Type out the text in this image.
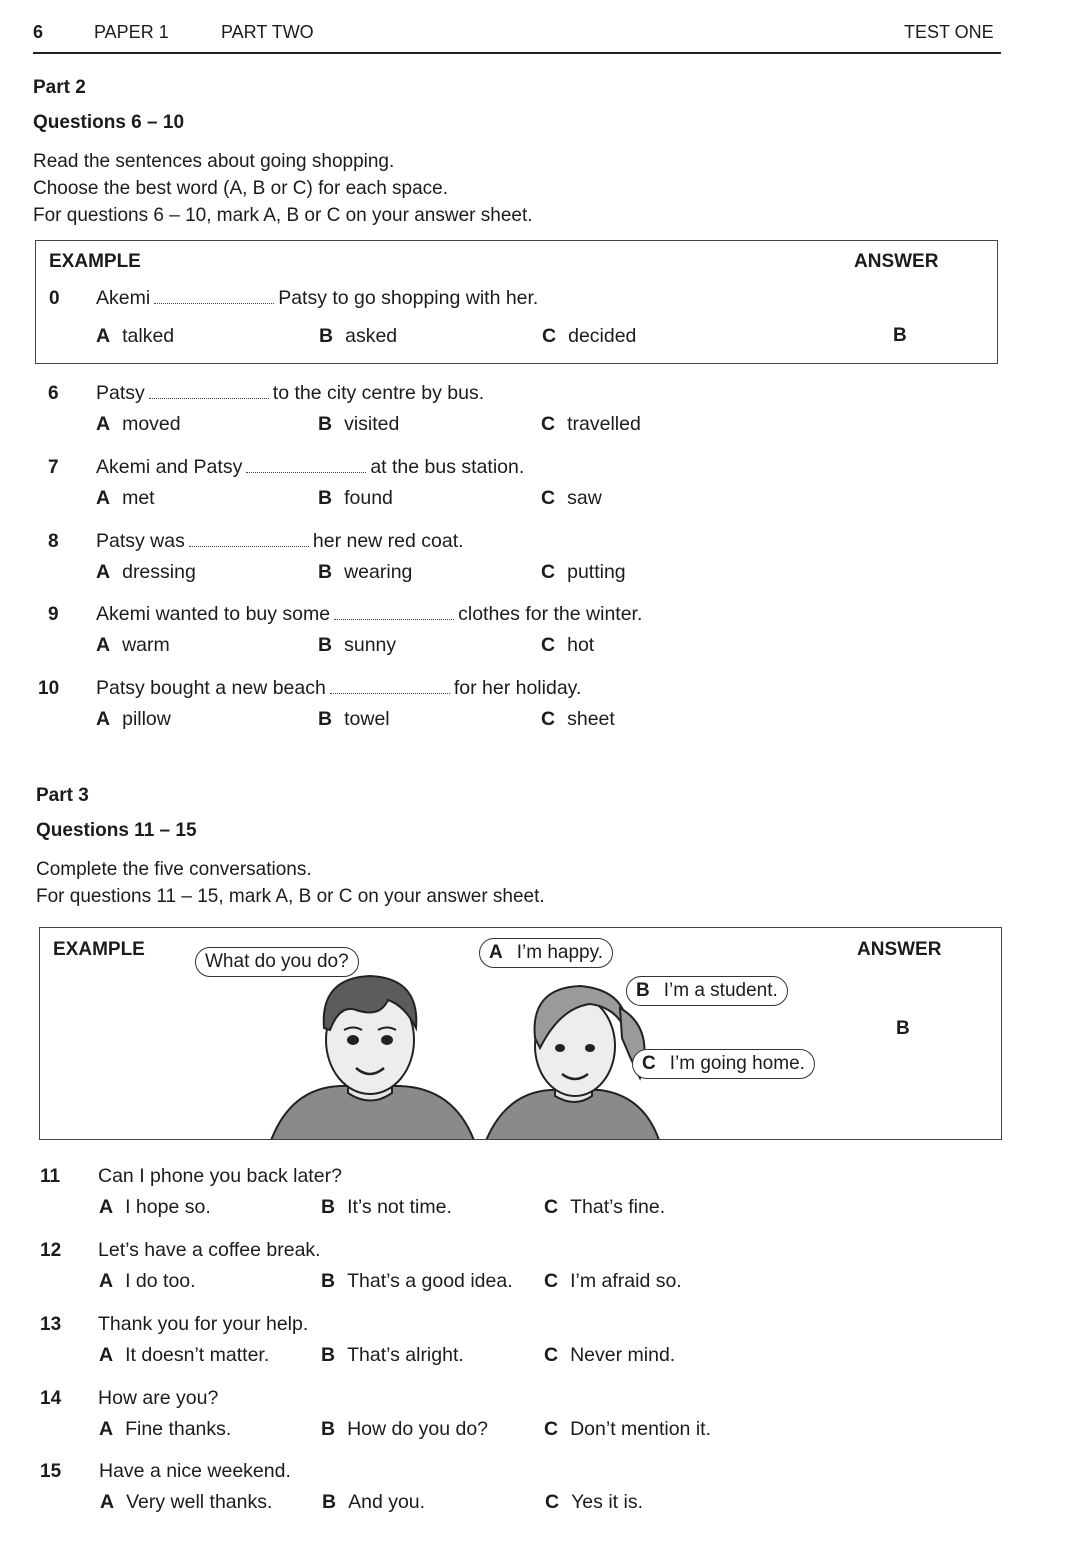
6	PAPER 1	PART TWO	TEST ONE
Part 2
Questions 6 – 10
Read the sentences about going shopping.
Choose the best word (A, B or C) for each space.
For questions 6 – 10, mark A, B or C on your answer sheet.
EXAMPLE	ANSWER
0 Akemi	Patsy to go shopping with her.
A talked	B asked	C decided	B
6 Patsy	to the city centre by bus.
A moved	B visited	C travelled
7 Akemi and Patsy	at the bus station.
A met	B found	C saw
8 Patsy was	her new red coat.
A dressing	B wearing	C putting
9 Akemi wanted to buy some	clothes for the winter.
A warm	B sunny	C hot
10 Patsy bought a new beach	for her holiday.
A pillow	B towel	C sheet
Part 3
Questions 11 – 15
Complete the five conversations.
For questions 11 – 15, mark A, B or C on your answer sheet.
EXAMPLE	ANSWER
B
What do you do?	A I’m happy.
B I’m a student.
C I’m going home.
11 Can I phone you back later?
A I hope so.	B It’s not time.	C That’s fine.
12 Let’s have a coffee break.
A I do too.	B That’s a good idea. C I’m afraid so.
13 Thank you for your help.
A It doesn’t matter.	B That’s alright.	C Never mind.
14 How are you?
A Fine thanks.	B How do you do?	C Don’t mention it.
15 Have a nice weekend.
A Very well thanks.	B And you.	C Yes it is.
